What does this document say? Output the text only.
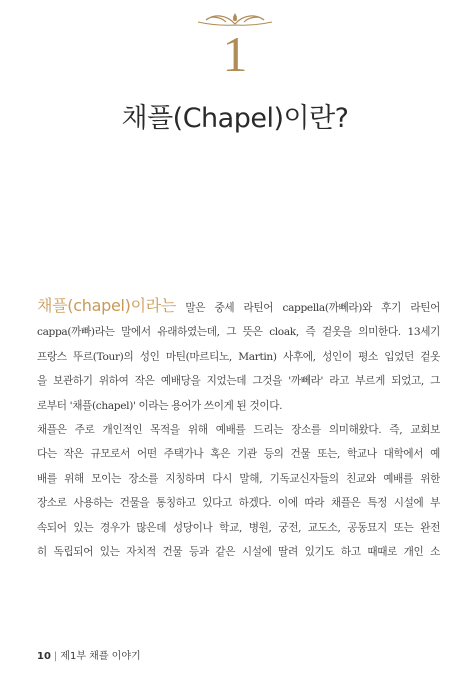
1
채플(Chapel)이란?
채플(chapel)이라는 말은 중세 라틴어 cappella(까뻬라)와 후기 라틴어
cappa(까빠)라는 말에서 유래하였는데, 그 뜻은 cloak, 즉 겉옷을 의미한다. 13세기
프랑스 뚜르(Tour)의 성인 마틴(마르티노, Martin) 사후에, 성인이 평소 입었던 겉옷
을 보관하기 위하여 작은 예배당을 지었는데 그것을 '까뻬라' 라고 부르게 되었고, 그
로부터 '채플(chapel)' 이라는 용어가 쓰이게 된 것이다.
채플은 주로 개인적인 목적을 위해 예배를 드리는 장소를 의미해왔다. 즉, 교회보
다는 작은 규모로서 어떤 주택가나 혹은 기관 등의 건물 또는, 학교나 대학에서 예
배를 위해 모이는 장소를 지칭하며 다시 말해, 기독교신자들의 친교와 예배를 위한
장소로 사용하는 건물을 통칭하고 있다고 하겠다. 이에 따라 채플은 특정 시설에 부
속되어 있는 경우가 많은데 성당이나 학교, 병원, 궁전, 교도소, 공동묘지 또는 완전
히 독립되어 있는 자치적 건물 등과 같은 시설에 딸려 있기도 하고 때때로 개인 소
10 | 제1부 채플 이야기
